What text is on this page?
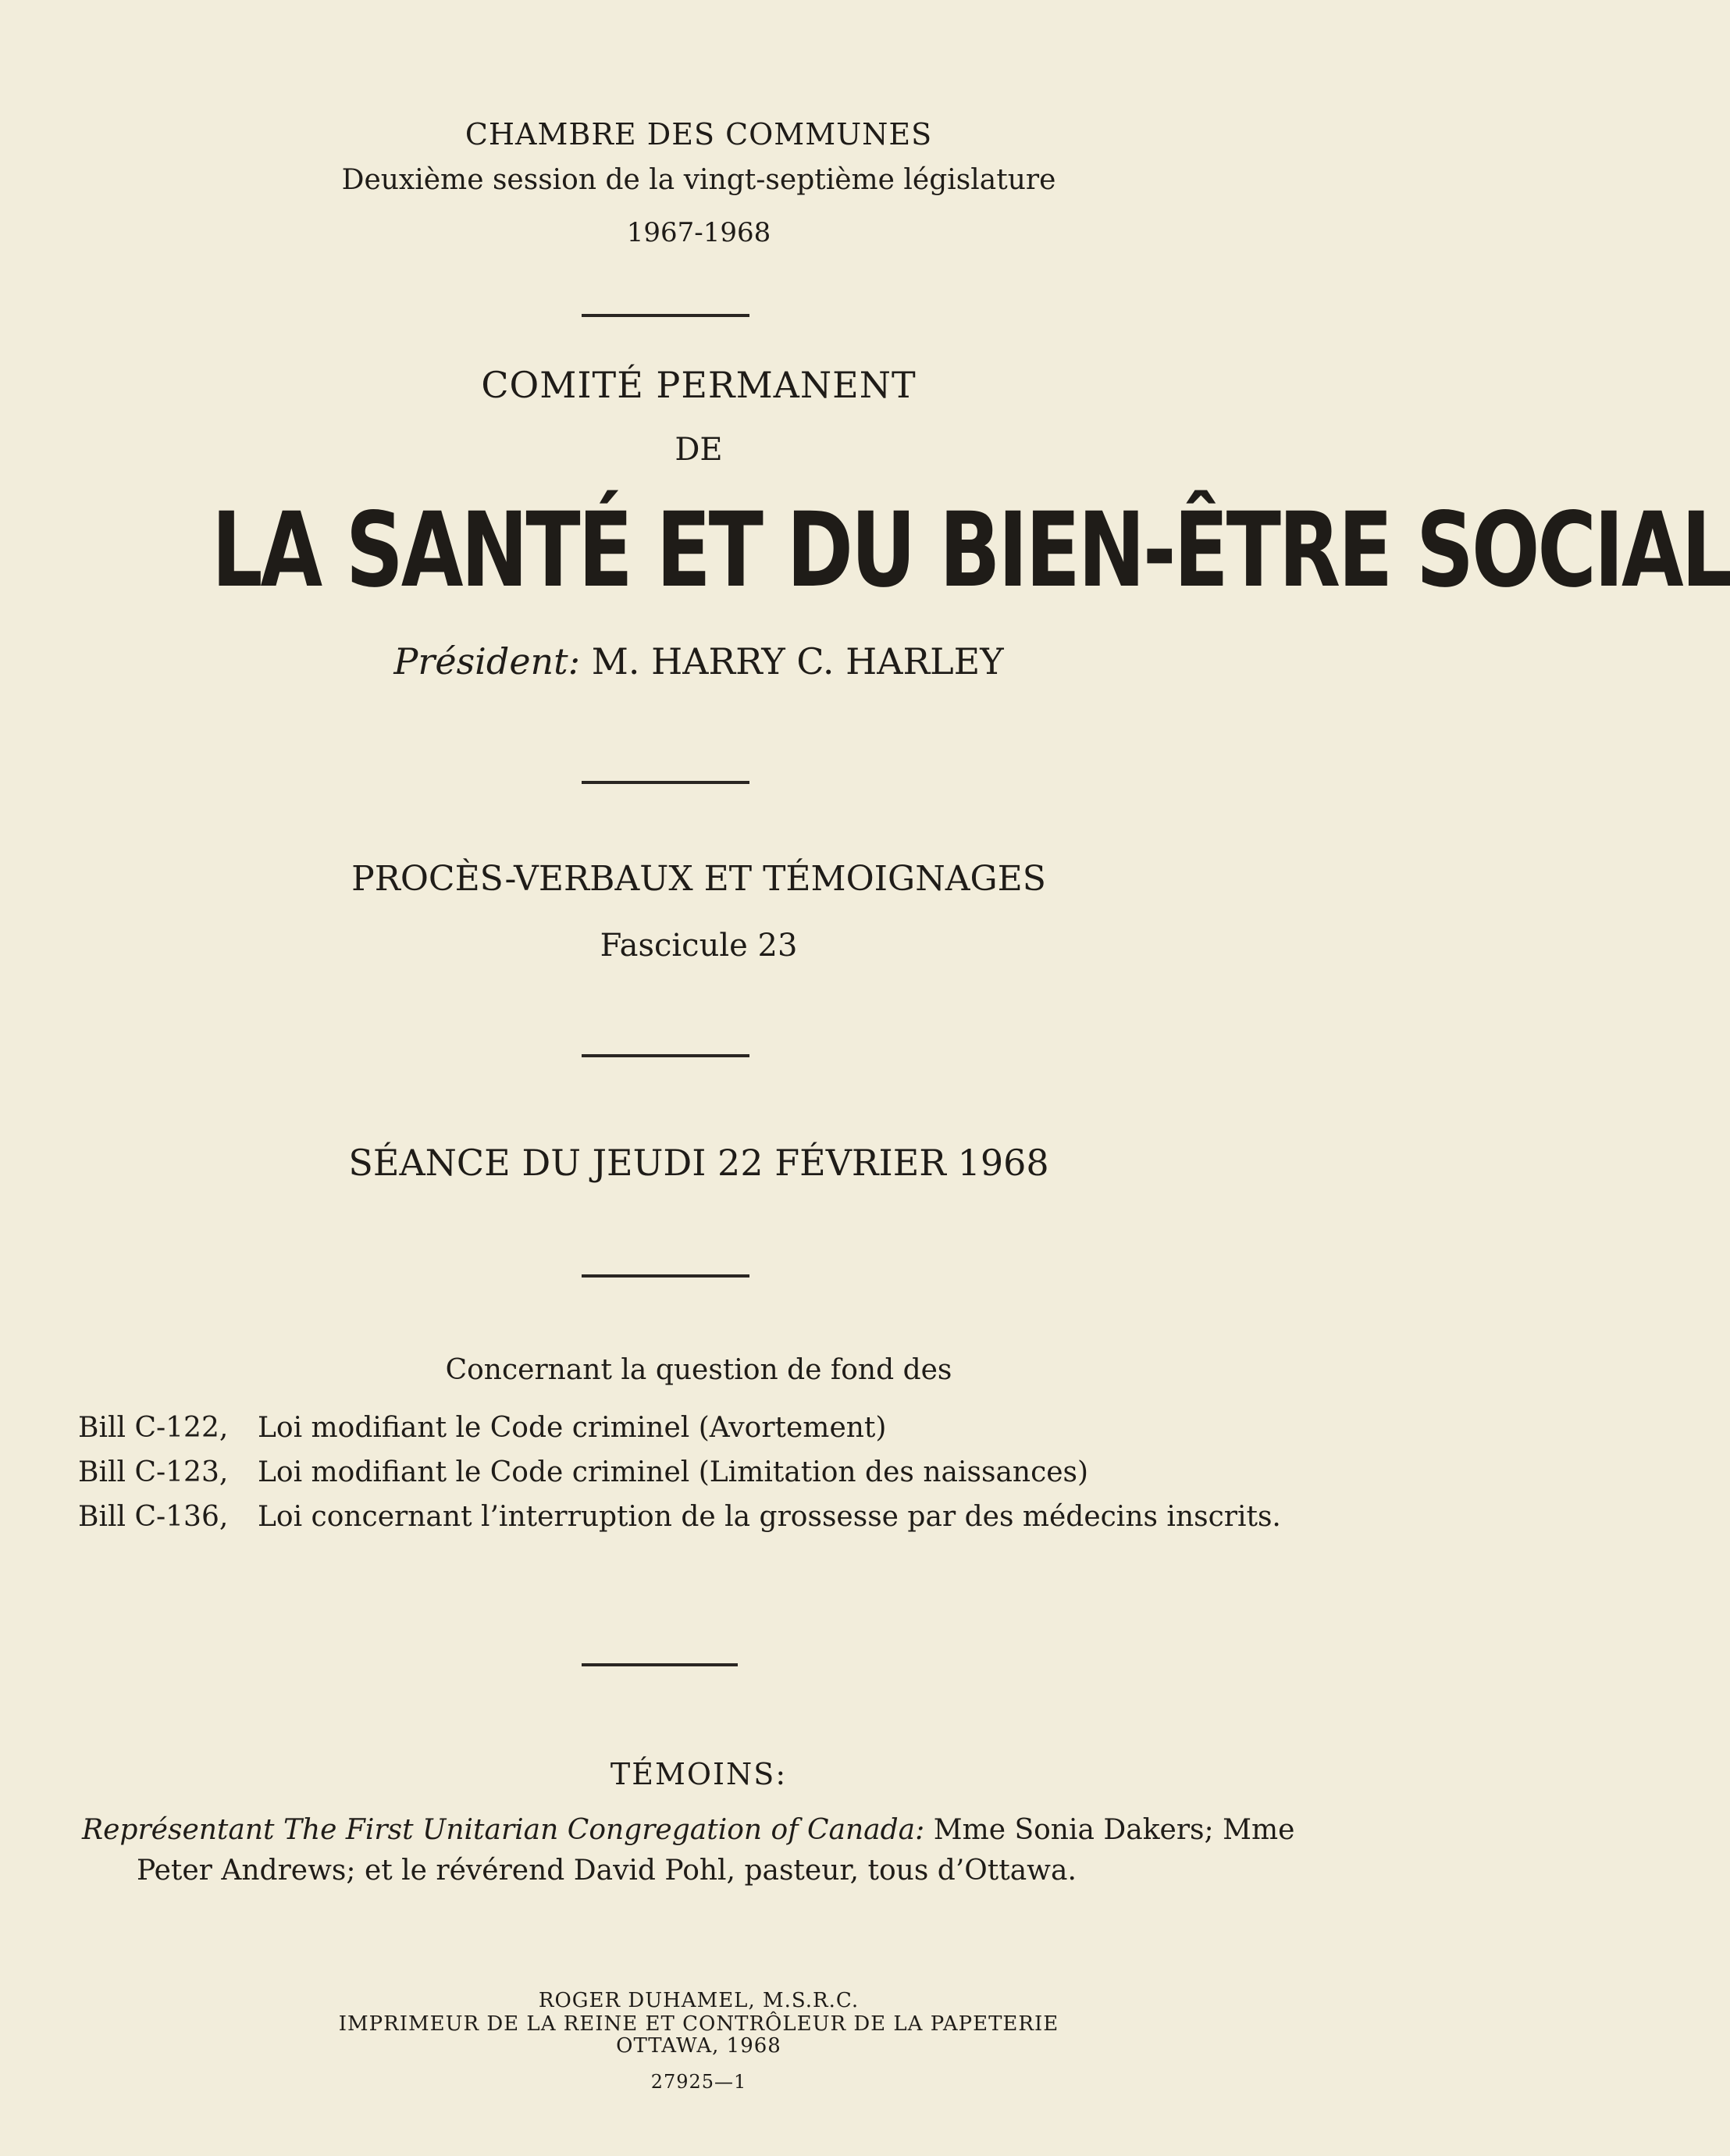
CHAMBRE DES COMMUNES
Deuxième session de la vingt-septième législature
1967-1968
COMITÉ PERMANENT
DE
LA SANTÉ ET DU BIEN-ÊTRE SOCIAL
Président: M. HARRY C. HARLEY
PROCÈS-VERBAUX ET TÉMOIGNAGES
Fascicule 23
SÉANCE DU JEUDI 22 FÉVRIER 1968
Concernant la question de fond des
Bill C-122,	Loi modifiant le Code criminel (Avortement)
Bill C-123,	Loi modifiant le Code criminel (Limitation des naissances)
Bill C-136,	Loi concernant l’interruption de la grossesse par des médecins inscrits.
TÉMOINS:
Représentant The First Unitarian Congregation of Canada: Mme Sonia Dakers; Mme Peter Andrews; et le révérend David Pohl, pasteur, tous d’Ottawa.
ROGER DUHAMEL, M.S.R.C.
IMPRIMEUR DE LA REINE ET CONTRÔLEUR DE LA PAPETERIE
OTTAWA, 1968
27925—1
